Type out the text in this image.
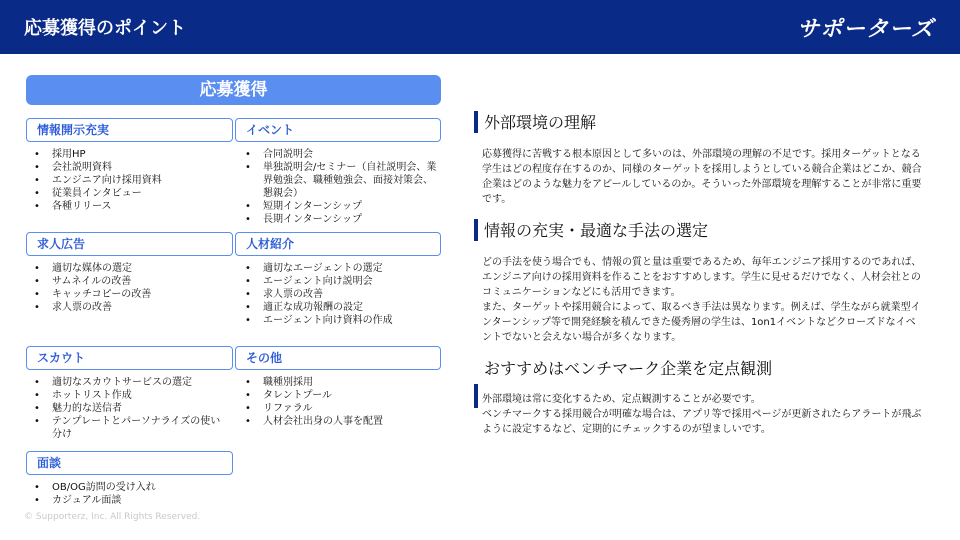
応募獲得のポイント	サポーターズ
応募獲得
情報開示充実
• 採用HP
• 会社説明資料
• エンジニア向け採用資料
• 従業員インタビュー
• 各種リリース
イベント
• 合同説明会
• 単独説明会/セミナー（自社説明会、業界勉強会、職種勉強会、面接対策会、懇親会）
• 短期インターンシップ
• 長期インターンシップ
求人広告
• 適切な媒体の選定
• サムネイルの改善
• キャッチコピーの改善
• 求人票の改善
人材紹介
• 適切なエージェントの選定
• エージェント向け説明会
• 求人票の改善
• 適正な成功報酬の設定
• エージェント向け資料の作成
スカウト
• 適切なスカウトサービスの選定
• ホットリスト作成
• 魅力的な送信者
• テンプレートとパーソナライズの使い分け
その他
• 職種別採用
• タレントプール
• リファラル
• 人材会社出身の人事を配置
面談
• OB/OG訪問の受け入れ
• カジュアル面談
外部環境の理解

応募獲得に苦戦する根本原因として多いのは、外部環境の理解の不足です。採用ターゲットとなる学生はどの程度存在するのか、同様のターゲットを採用しようとしている競合企業はどこか、競合企業はどのような魅力をアピールしているのか。そういった外部環境を理解することが非常に重要です。

情報の充実・最適な手法の選定

どの手法を使う場合でも、情報の質と量は重要であるため、毎年エンジニア採用するのであれば、エンジニア向けの採用資料を作ることをおすすめします。学生に見せるだけでなく、人材会社とのコミュニケーションなどにも活用できます。

また、ターゲットや採用競合によって、取るべき手法は異なります。例えば、学生ながら就業型インターンシップ等で開発経験を積んできた優秀層の学生は、1on1イベントなどクローズドなイベントでないと会えない場合が多くなります。

おすすめはベンチマーク企業を定点観測

外部環境は常に変化するため、定点観測することが必要です。

ベンチマークする採用競合が明確な場合は、アプリ等で採用ページが更新されたらアラートが飛ぶように設定するなど、定期的にチェックするのが望ましいです。

© Supporterz, Inc. All Rights Reserved.
